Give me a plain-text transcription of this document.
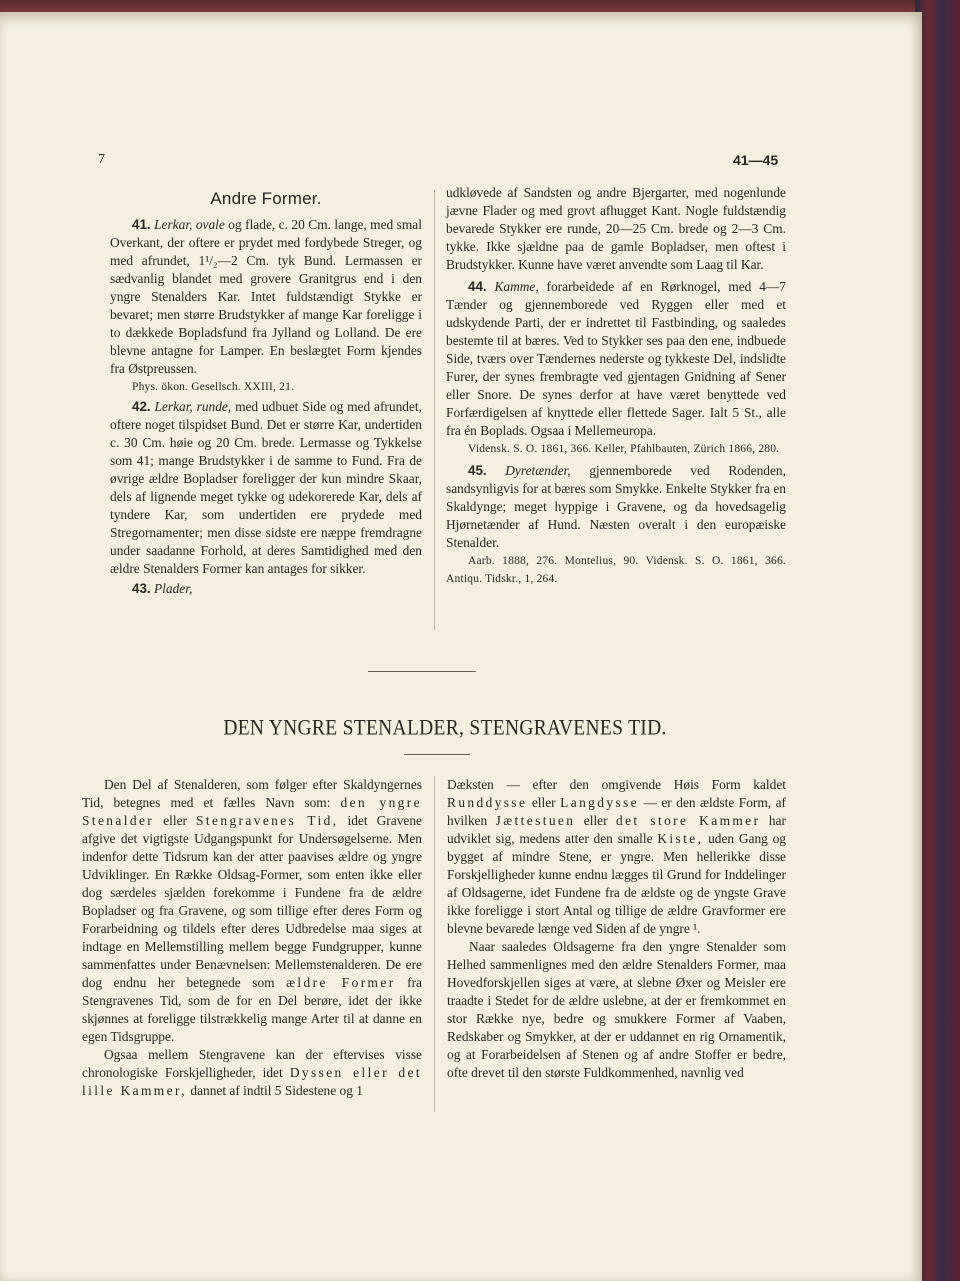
7	41—45
Andre Former.

41. Lerkar, ovale og flade, c. 20 Cm. lange, med smal Overkant, der oftere er prydet med fordybede Streger, og med afrundet, 1¹/₂—2 Cm. tyk Bund. Lermassen er sædvanlig blandet med grovere Granitgrus end i den yngre Stenalders Kar. Intet fuldstændigt Stykke er bevaret; men større Brudstykker af mange Kar foreligge i to dækkede Bopladsfund fra Jylland og Lolland. De ere blevne antagne for Lamper. En beslægtet Form kjendes fra Østpreussen.

Phys. ökon. Gesellsch. XXIII, 21.

42. Lerkar, runde, med udbuet Side og med afrundet, oftere noget tilspidset Bund. Det er større Kar, undertiden c. 30 Cm. høie og 20 Cm. brede. Lermasse og Tykkelse som 41; mange Brudstykker i de samme to Fund. Fra de øvrige ældre Bopladser foreligger der kun mindre Skaar, dels af lignende meget tykke og udekorerede Kar, dels af tyndere Kar, som undertiden ere prydede med Stregornamenter; men disse sidste ere næppe fremdragne under saadanne Forhold, at deres Samtidighed med den ældre Stenalders Former kan antages for sikker.

43. Plader,

udkløvede af Sandsten og andre Bjergarter, med nogenlunde jævne Flader og med grovt afhugget Kant. Nogle fuldstændig bevarede Stykker ere runde, 20—25 Cm. brede og 2—3 Cm. tykke. Ikke sjældne paa de gamle Bopladser, men oftest i Brudstykker. Kunne have været anvendte som Laag til Kar.

44. Kamme, forarbeidede af en Rørknogel, med 4—7 Tænder og gjennemborede ved Ryggen eller med et udskydende Parti, der er indrettet til Fastbinding, og saaledes bestemte til at bæres. Ved to Stykker ses paa den ene, indbuede Side, tværs over Tændernes nederste og tykkeste Del, indslidte Furer, der synes frembragte ved gjentagen Gnidning af Sener eller Snore. De synes derfor at have været benyttede ved Forfærdigelsen af knyttede eller flettede Sager. Ialt 5 St., alle fra én Boplads. Ogsaa i Mellemeuropa.

Vidensk. S. O. 1861, 366. Keller, Pfahlbauten, Zürich 1866, 280.

45. Dyretænder, gjennemborede ved Rodenden, sandsynligvis for at bæres som Smykke. Enkelte Stykker fra en Skaldynge; meget hyppige i Gravene, og da hovedsagelig Hjørnetænder af Hund. Næsten overalt i den europæiske Stenalder.

Aarb. 1888, 276. Montelius, 90. Vidensk. S. O. 1861, 366. Antiqu. Tidskr., 1, 264.

DEN YNGRE STENALDER, STENGRAVENES TID.

Den Del af Stenalderen, som følger efter Skaldyngernes Tid, betegnes med et fælles Navn som: den yngre Stenalder eller Stengravenes Tid, idet Gravene afgive det vigtigste Udgangspunkt for Undersøgelserne. Men indenfor dette Tidsrum kan der atter paavises ældre og yngre Udviklinger. En Række Oldsag-Former, som enten ikke eller dog særdeles sjælden forekomme i Fundene fra de ældre Bopladser og fra Gravene, og som tillige efter deres Form og Forarbeidning og tildels efter deres Udbredelse maa siges at indtage en Mellemstilling mellem begge Fundgrupper, kunne sammenfattes under Benævnelsen: Mellemstenalderen. De ere dog endnu her betegnede som ældre Former fra Stengravenes Tid, som de for en Del berøre, idet der ikke skjønnes at foreligge tilstrækkelig mange Arter til at danne en egen Tidsgruppe.

Ogsaa mellem Stengravene kan der eftervises visse chronologiske Forskjelligheder, idet Dyssen eller det lille Kammer, dannet af indtil 5 Sidestene og 1

Dæksten — efter den omgivende Høis Form kaldet Runddysse eller Langdysse — er den ældste Form, af hvilken Jættestuen eller det store Kammer har udviklet sig, medens atter den smalle Kiste, uden Gang og bygget af mindre Stene, er yngre. Men hellerikke disse Forskjelligheder kunne endnu lægges til Grund for Inddelinger af Oldsagerne, idet Fundene fra de ældste og de yngste Grave ikke foreligge i stort Antal og tillige de ældre Gravformer ere blevne bevarede længe ved Siden af de yngre ¹.

Naar saaledes Oldsagerne fra den yngre Stenalder som Helhed sammenlignes med den ældre Stenalders Former, maa Hovedforskjellen siges at være, at slebne Øxer og Meisler ere traadte i Stedet for de ældre uslebne, at der er fremkommet en stor Række nye, bedre og smukkere Former af Vaaben, Redskaber og Smykker, at der er uddannet en rig Ornamentik, og at Forarbeidelsen af Stenen og af andre Stoffer er bedre, ofte drevet til den største Fuldkommenhed, navnlig ved
